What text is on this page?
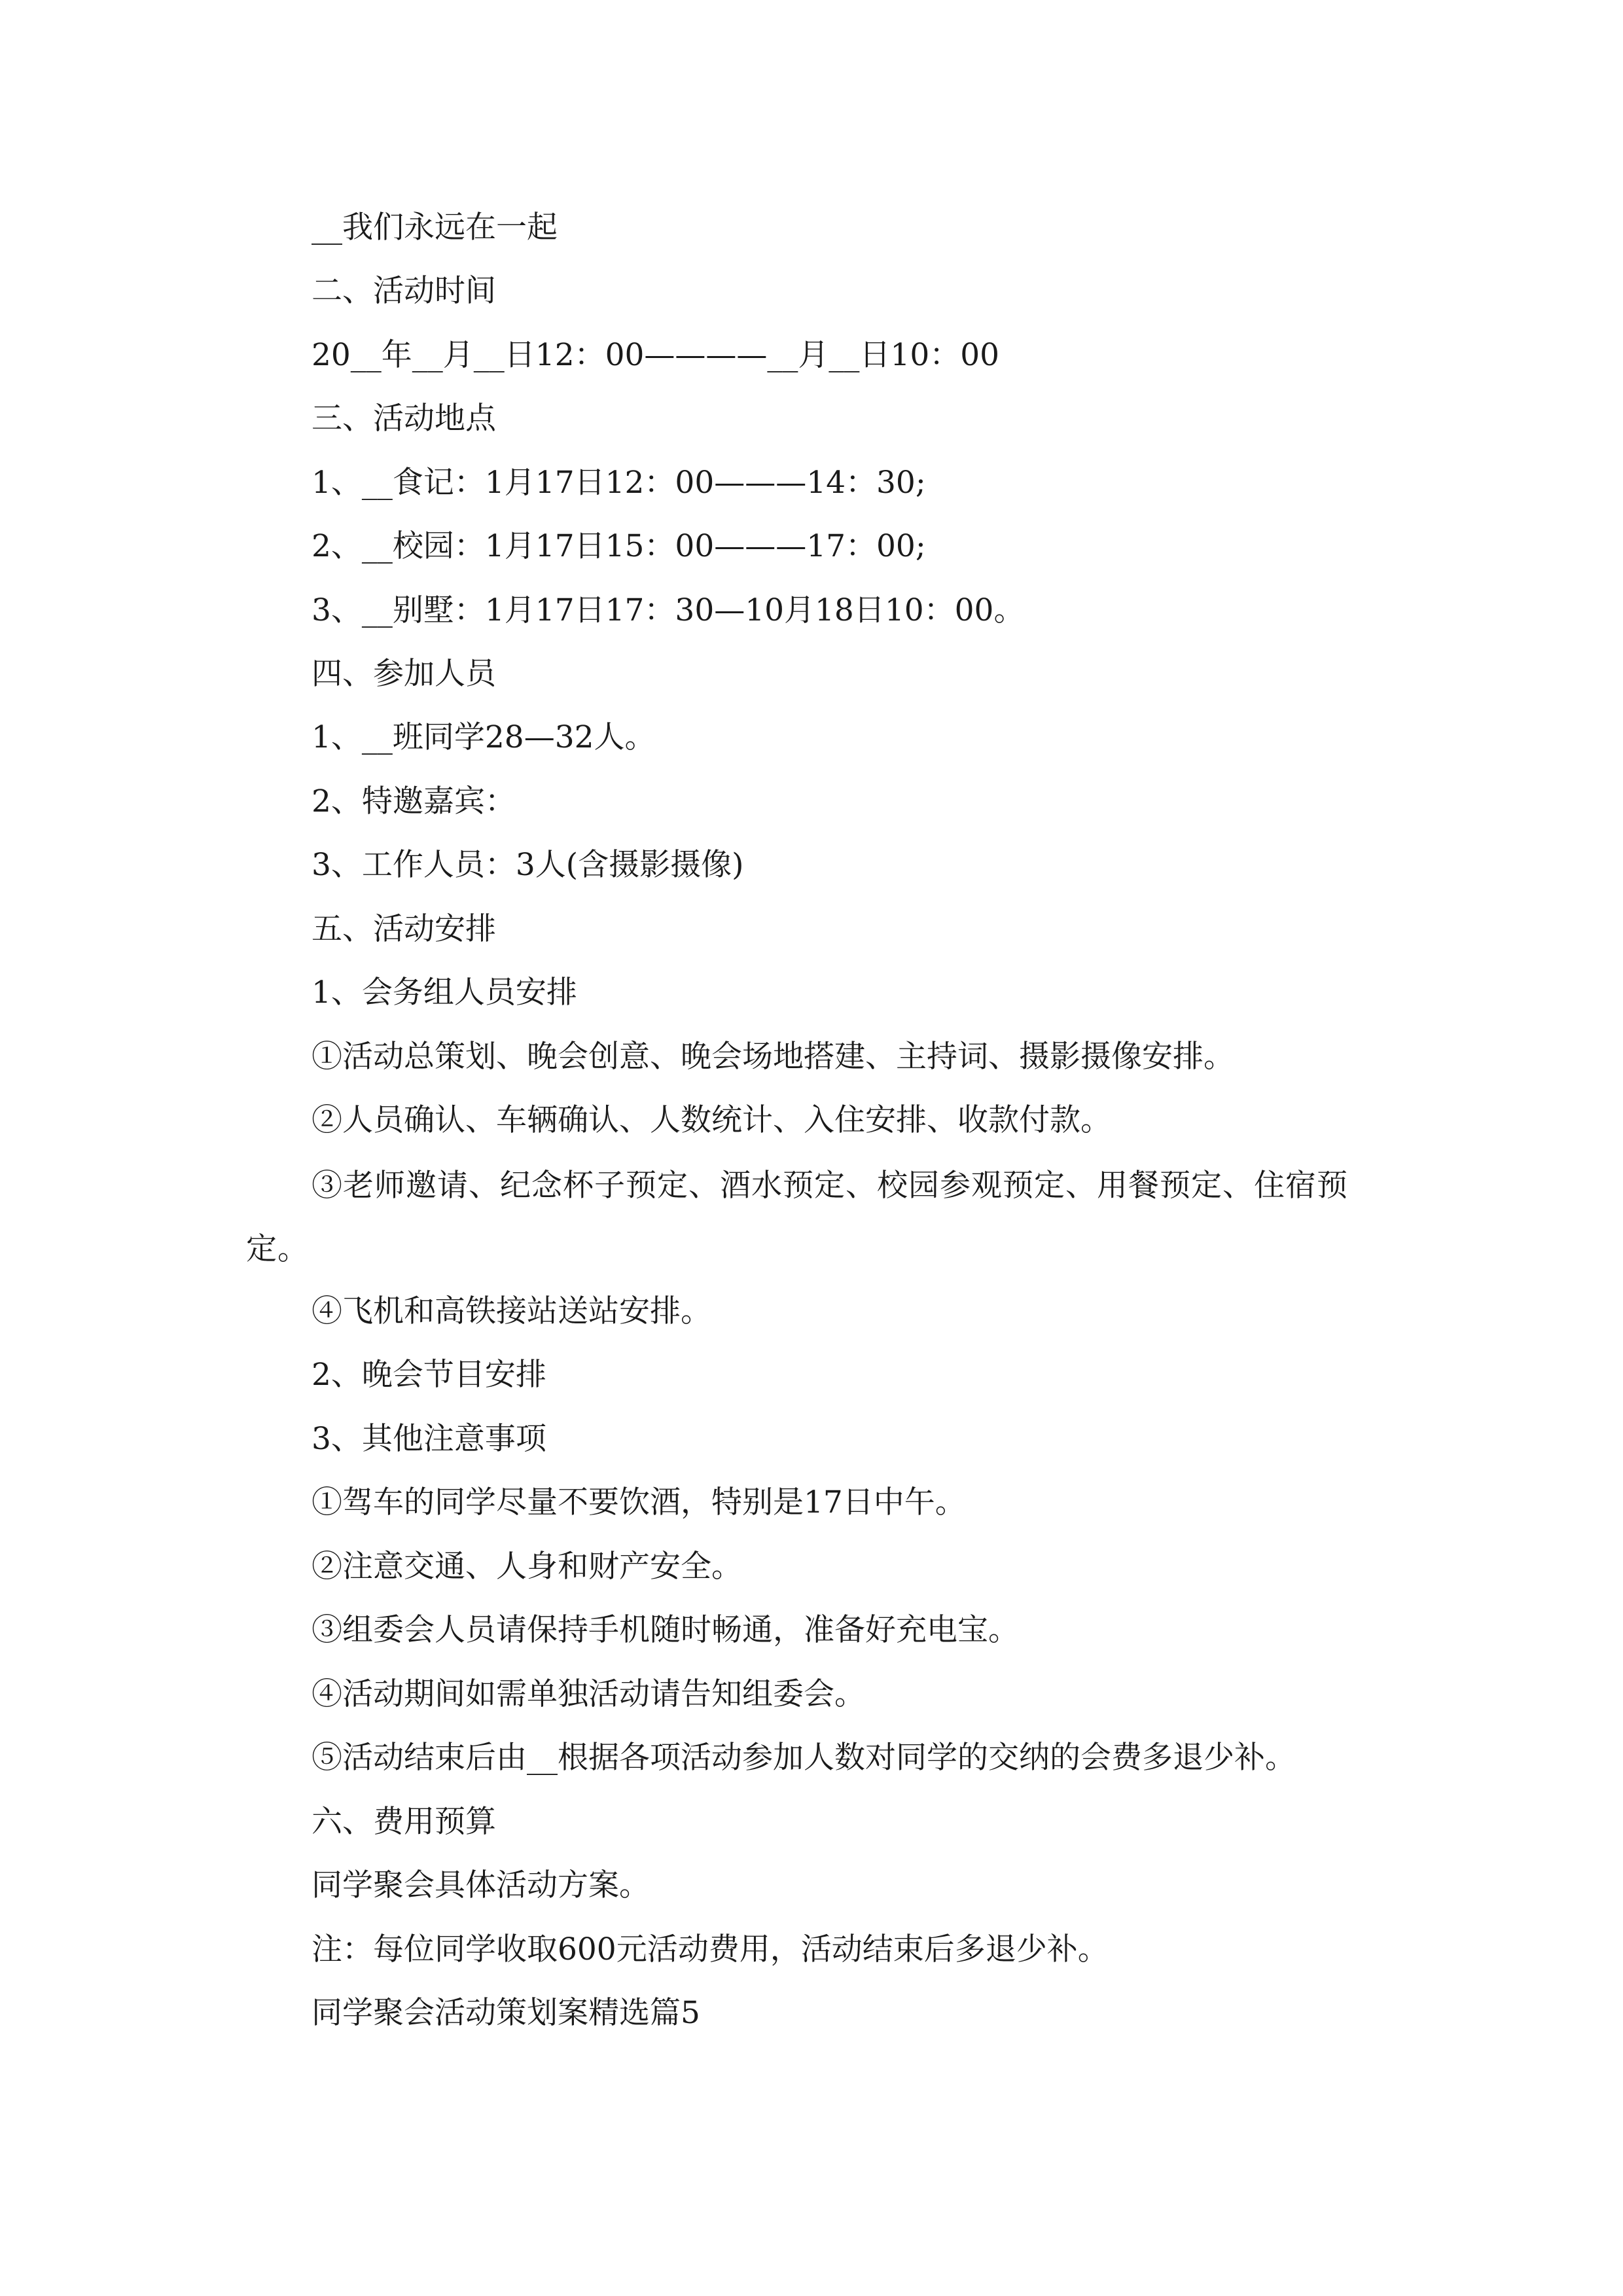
__我们永远在一起
二、活动时间
20__年__月__日12：00————__月__日10：00
三、活动地点
1、__食记：1月17日12：00———14：30;
2、__校园：1月17日15：00———17：00;
3、__别墅：1月17日17：30—10月18日10：00。
四、参加人员
1、__班同学28—32人。
2、特邀嘉宾：
3、工作人员：3人(含摄影摄像)
五、活动安排
1、会务组人员安排
①活动总策划、晚会创意、晚会场地搭建、主持词、摄影摄像安排。
②人员确认、车辆确认、人数统计、入住安排、收款付款。
③老师邀请、纪念杯子预定、酒水预定、校园参观预定、用餐预定、住宿预定。
④飞机和高铁接站送站安排。
2、晚会节目安排
3、其他注意事项
①驾车的同学尽量不要饮酒，特别是17日中午。
②注意交通、人身和财产安全。
③组委会人员请保持手机随时畅通，准备好充电宝。
④活动期间如需单独活动请告知组委会。
⑤活动结束后由__根据各项活动参加人数对同学的交纳的会费多退少补。
六、费用预算
同学聚会具体活动方案。
注：每位同学收取600元活动费用，活动结束后多退少补。
同学聚会活动策划案精选篇5
